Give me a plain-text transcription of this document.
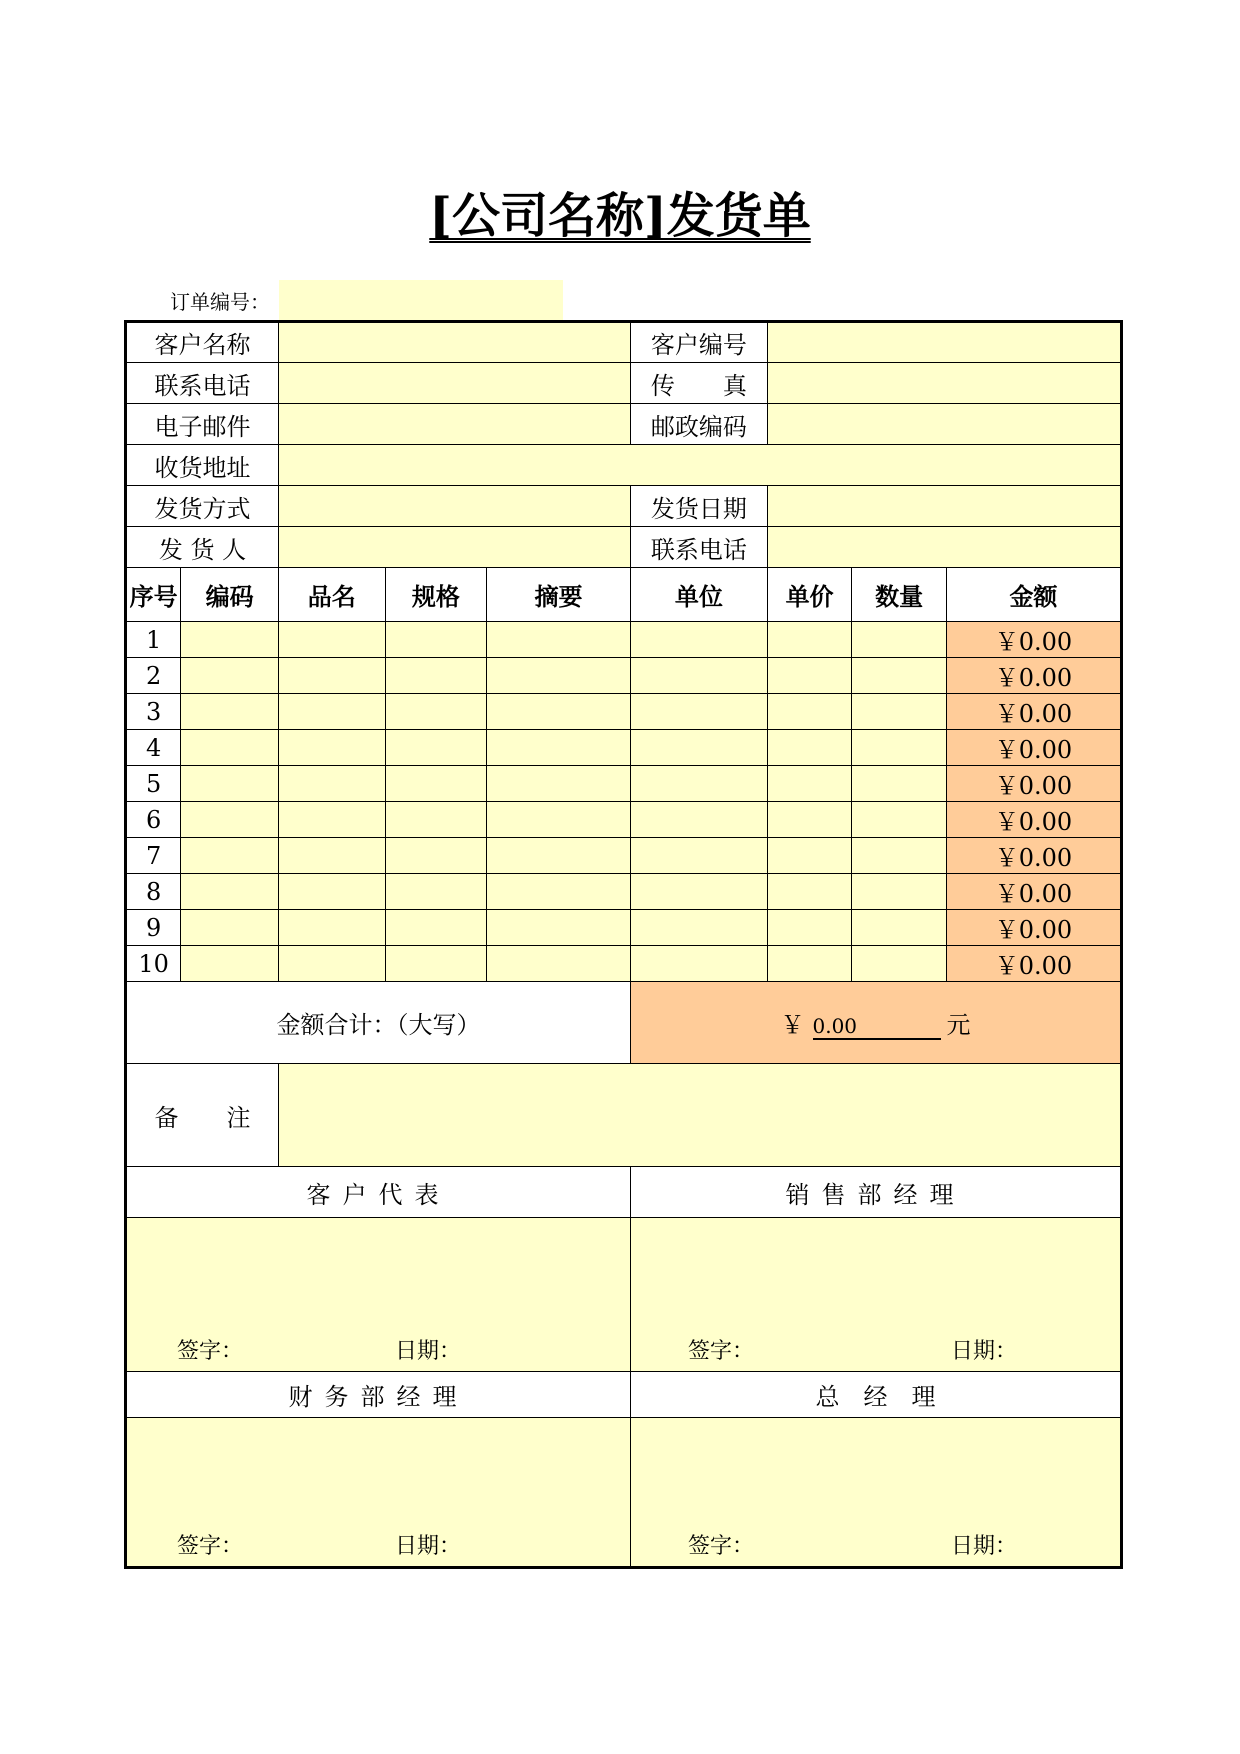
[公司名称]发货单
订单编号：
客户名称					客户编号			
联系电话					传　　真			
电子邮件					邮政编码			
收货地址								
发货方式					发货日期			
发 货 人					联系电话			
序号	编码	品名	规格	摘要	单位	单价	数量	金额
1								￥0.00
2								￥0.00
3								￥0.00
4								￥0.00
5								￥0.00
6								￥0.00
7								￥0.00
8								￥0.00
9								￥0.00
10								￥0.00
金额合计：（大写）					￥ 0.00 元			
备　　注								
客户代表					销售部经理			

签字： 日期：					签字： 日期：			

财务部经理					总　经　理			

签字： 日期：					签字： 日期：			
